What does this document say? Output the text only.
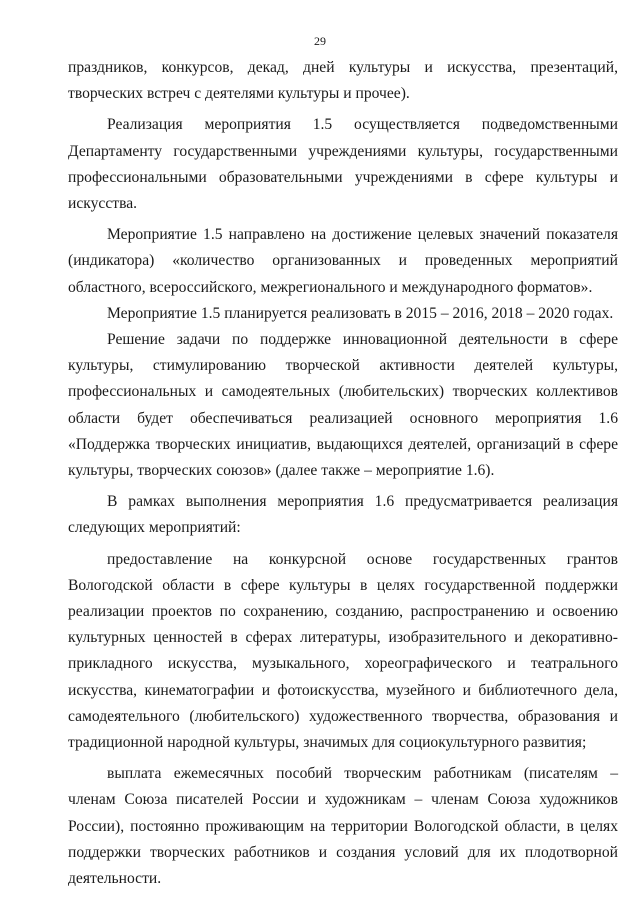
29

праздников, конкурсов, декад, дней культуры и искусства, презентаций, творческих встреч с деятелями культуры и прочее).

Реализация мероприятия 1.5 осуществляется подведомственными Департаменту государственными учреждениями культуры, государственными профессиональными образовательными учреждениями в сфере культуры и искусства.

Мероприятие 1.5 направлено на достижение целевых значений показателя (индикатора) «количество организованных и проведенных мероприятий областного, всероссийского, межрегионального и международного форматов».

Мероприятие 1.5 планируется реализовать в 2015 – 2016, 2018 – 2020 годах.

Решение задачи по поддержке инновационной деятельности в сфере культуры, стимулированию творческой активности деятелей культуры, профессиональных и самодеятельных (любительских) творческих коллективов области будет обеспечиваться реализацией основного мероприятия 1.6 «Поддержка творческих инициатив, выдающихся деятелей, организаций в сфере культуры, творческих союзов» (далее также – мероприятие 1.6).

В рамках выполнения мероприятия 1.6 предусматривается реализация следующих мероприятий:

предоставление на конкурсной основе государственных грантов Вологодской области в сфере культуры в целях государственной поддержки реализации проектов по сохранению, созданию, распространению и освоению культурных ценностей в сферах литературы, изобразительного и декоративно-прикладного искусства, музыкального, хореографического и театрального искусства, кинематографии и фотоискусства, музейного и библиотечного дела, самодеятельного (любительского) художественного творчества, образования и традиционной народной культуры, значимых для социокультурного развития;

выплата ежемесячных пособий творческим работникам (писателям – членам Союза писателей России и художникам – членам Союза художников России), постоянно проживающим на территории Вологодской области, в целях поддержки творческих работников и создания условий для их плодотворной деятельности.
